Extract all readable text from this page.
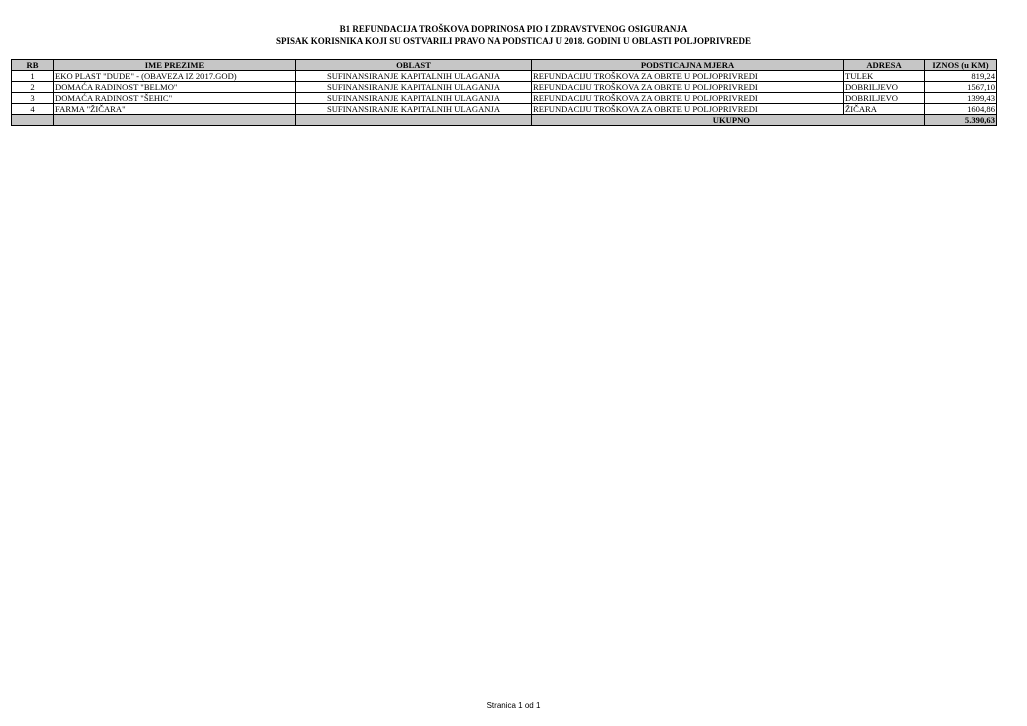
B1 REFUNDACIJA TROŠKOVA DOPRINOSA PIO I ZDRAVSTVENOG OSIGURANJA
SPISAK KORISNIKA KOJI SU OSTVARILI PRAVO NA PODSTICAJ U 2018. GODINI U OBLASTI POLJOPRIVREDE
RB	IME PREZIME	OBLAST	PODSTICAJNA MJERA	ADRESA	IZNOS (u KM)
1	EKO PLAST "DUDE" - (OBAVEZA IZ 2017.GOD)	SUFINANSIRANJE KAPITALNIH ULAGANJA	REFUNDACIJU TROŠKOVA ZA OBRTE U POLJOPRIVREDI	TULEK	819,24
2	DOMAĆA RADINOST "BELMO"	SUFINANSIRANJE KAPITALNIH ULAGANJA	REFUNDACIJU TROŠKOVA ZA OBRTE U POLJOPRIVREDI	DOBRILJEVO	1567,10
3	DOMAĆA RADINOST "ŠEHIC"	SUFINANSIRANJE KAPITALNIH ULAGANJA	REFUNDACIJU TROŠKOVA ZA OBRTE U POLJOPRIVREDI	DOBRILJEVO	1399,43
4	FARMA "ŽIČARA"	SUFINANSIRANJE KAPITALNIH ULAGANJA	REFUNDACIJU TROŠKOVA ZA OBRTE U POLJOPRIVREDI	ŽIČARA	1604,86
			UKUPNO		5.390,63
Stranica 1 od 1
